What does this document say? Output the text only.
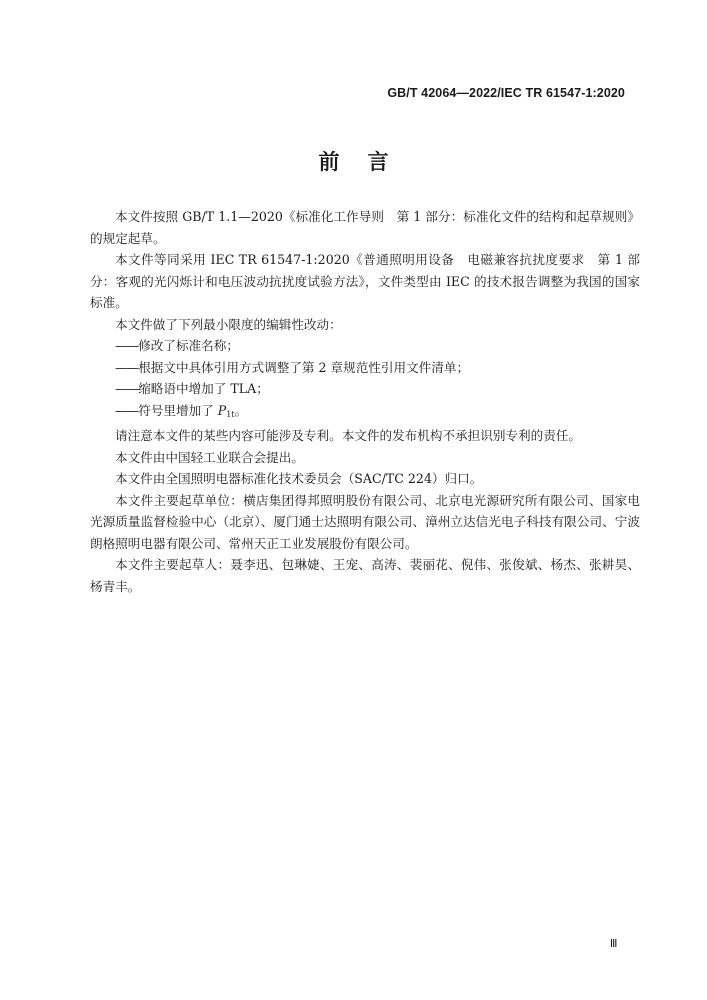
GB/T 42064—2022/IEC TR 61547-1:2020
前言

本文件按照 GB/T 1.1—2020《标准化工作导则　第 1 部分：标准化文件的结构和起草规则》的规定起草。

本文件等同采用 IEC TR 61547-1:2020《普通照明用设备　电磁兼容抗扰度要求　第 1 部分：客观的光闪烁计和电压波动抗扰度试验方法》，文件类型由 IEC 的技术报告调整为我国的国家标准。

本文件做了下列最小限度的编辑性改动：

——修改了标准名称；

——根据文中具体引用方式调整了第 2 章规范性引用文件清单；

——缩略语中增加了 TLA；

——符号里增加了 P1t。

请注意本文件的某些内容可能涉及专利。本文件的发布机构不承担识别专利的责任。

本文件由中国轻工业联合会提出。

本文件由全国照明电器标准化技术委员会（SAC/TC 224）归口。

本文件主要起草单位：横店集团得邦照明股份有限公司、北京电光源研究所有限公司、国家电光源质量监督检验中心（北京）、厦门通士达照明有限公司、漳州立达信光电子科技有限公司、宁波朗格照明电器有限公司、常州天正工业发展股份有限公司。

本文件主要起草人：聂李迅、包琳婕、王宠、高涛、裴丽花、倪伟、张俊斌、杨杰、张耕昊、杨青丰。

Ⅲ
